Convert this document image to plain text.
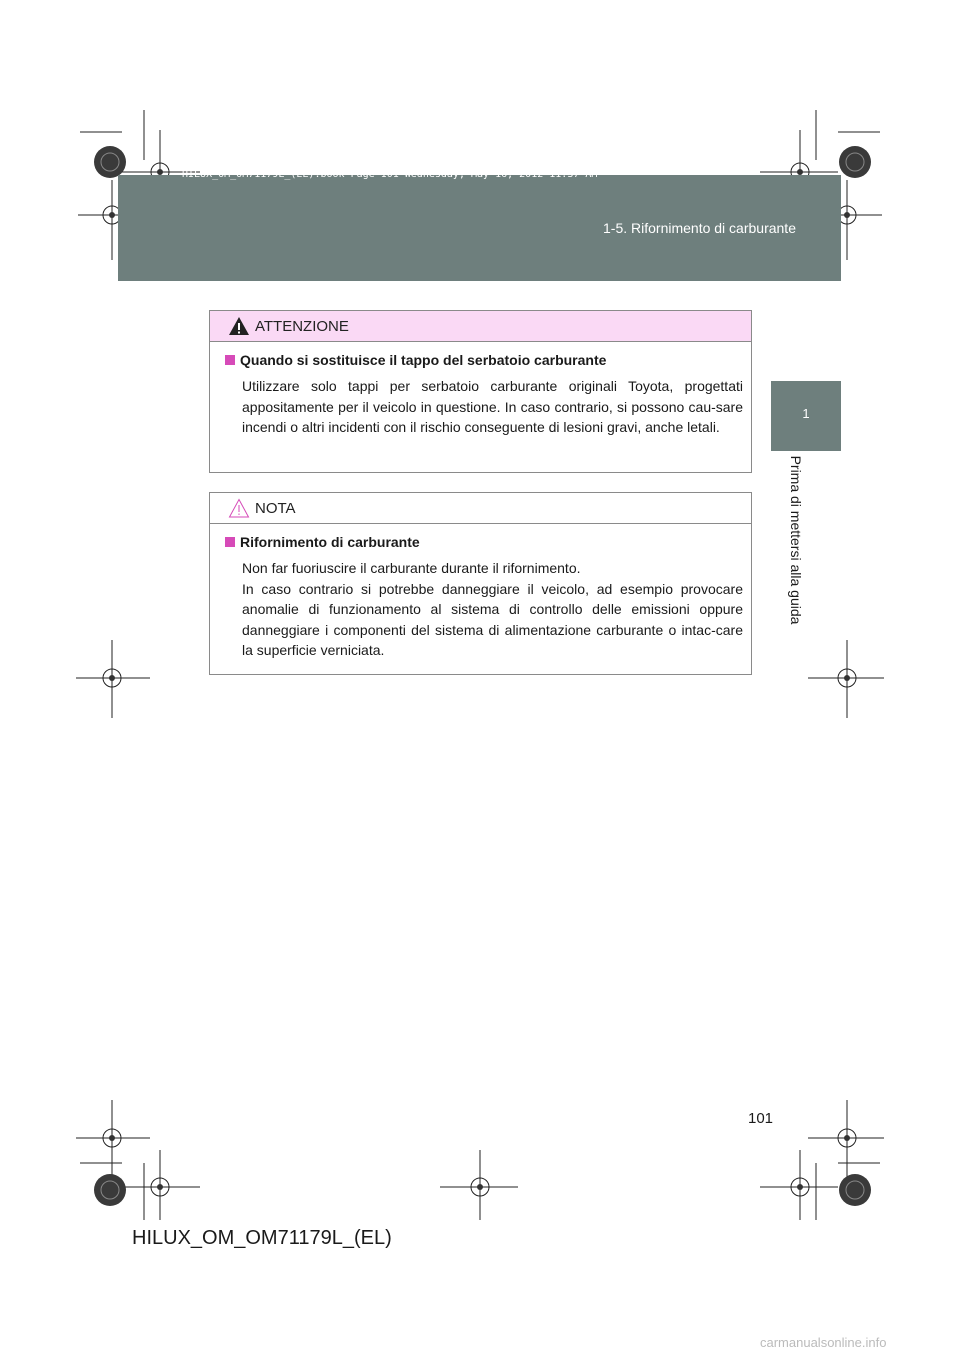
HILUX_OM_OM71179L_(EL).book Page 101 Wednesday, May 16, 2012 11:37 AM
1-5. Rifornimento di carburante
1
Prima di mettersi alla guida
ATTENZIONE
Quando si sostituisce il tappo del serbatoio carburante

Utilizzare solo tappi per serbatoio carburante originali Toyota, progettati appositamente per il veicolo in questione. In caso contrario, si possono cau-sare incendi o altri incidenti con il rischio conseguente di lesioni gravi, anche letali.

NOTA
Rifornimento di carburante

Non far fuoriuscire il carburante durante il rifornimento.

In caso contrario si potrebbe danneggiare il veicolo, ad esempio provocare anomalie di funzionamento al sistema di controllo delle emissioni oppure danneggiare i componenti del sistema di alimentazione carburante o intac-care la superficie verniciata.

101
HILUX_OM_OM71179L_(EL)
carmanualsonline.info
